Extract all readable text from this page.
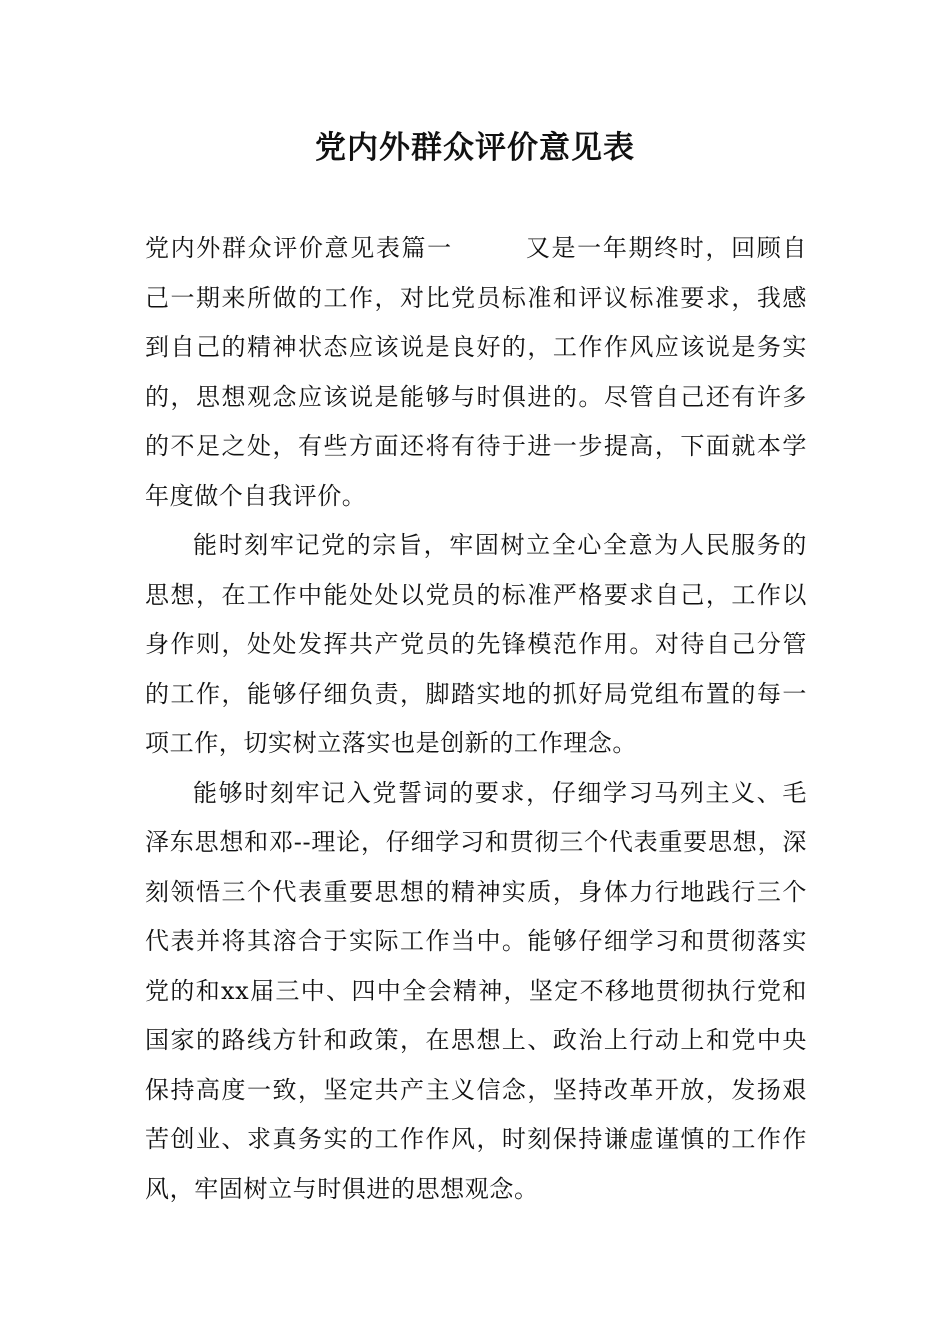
党内外群众评价意见表

党内外群众评价意见表篇一	又是一年期终时，回顾自己一期来所做的工作，对比党员标准和评议标准要求，我感到自己的精神状态应该说是良好的，工作作风应该说是务实的，思想观念应该说是能够与时俱进的。尽管自己还有许多的不足之处，有些方面还将有待于进一步提高，下面就本学年度做个自我评价。

能时刻牢记党的宗旨，牢固树立全心全意为人民服务的思想，在工作中能处处以党员的标准严格要求自己，工作以身作则，处处发挥共产党员的先锋模范作用。对待自己分管的工作，能够仔细负责，脚踏实地的抓好局党组布置的每一项工作，切实树立落实也是创新的工作理念。

能够时刻牢记入党誓词的要求，仔细学习马列主义、毛泽东思想和邓--理论，仔细学习和贯彻三个代表重要思想，深刻领悟三个代表重要思想的精神实质，身体力行地践行三个代表并将其溶合于实际工作当中。能够仔细学习和贯彻落实党的和xx届三中、四中全会精神，坚定不移地贯彻执行党和国家的路线方针和政策，在思想上、政治上行动上和党中央保持高度一致，坚定共产主义信念，坚持改革开放，发扬艰苦创业、求真务实的工作作风，时刻保持谦虚谨慎的工作作风，牢固树立与时俱进的思想观念。
